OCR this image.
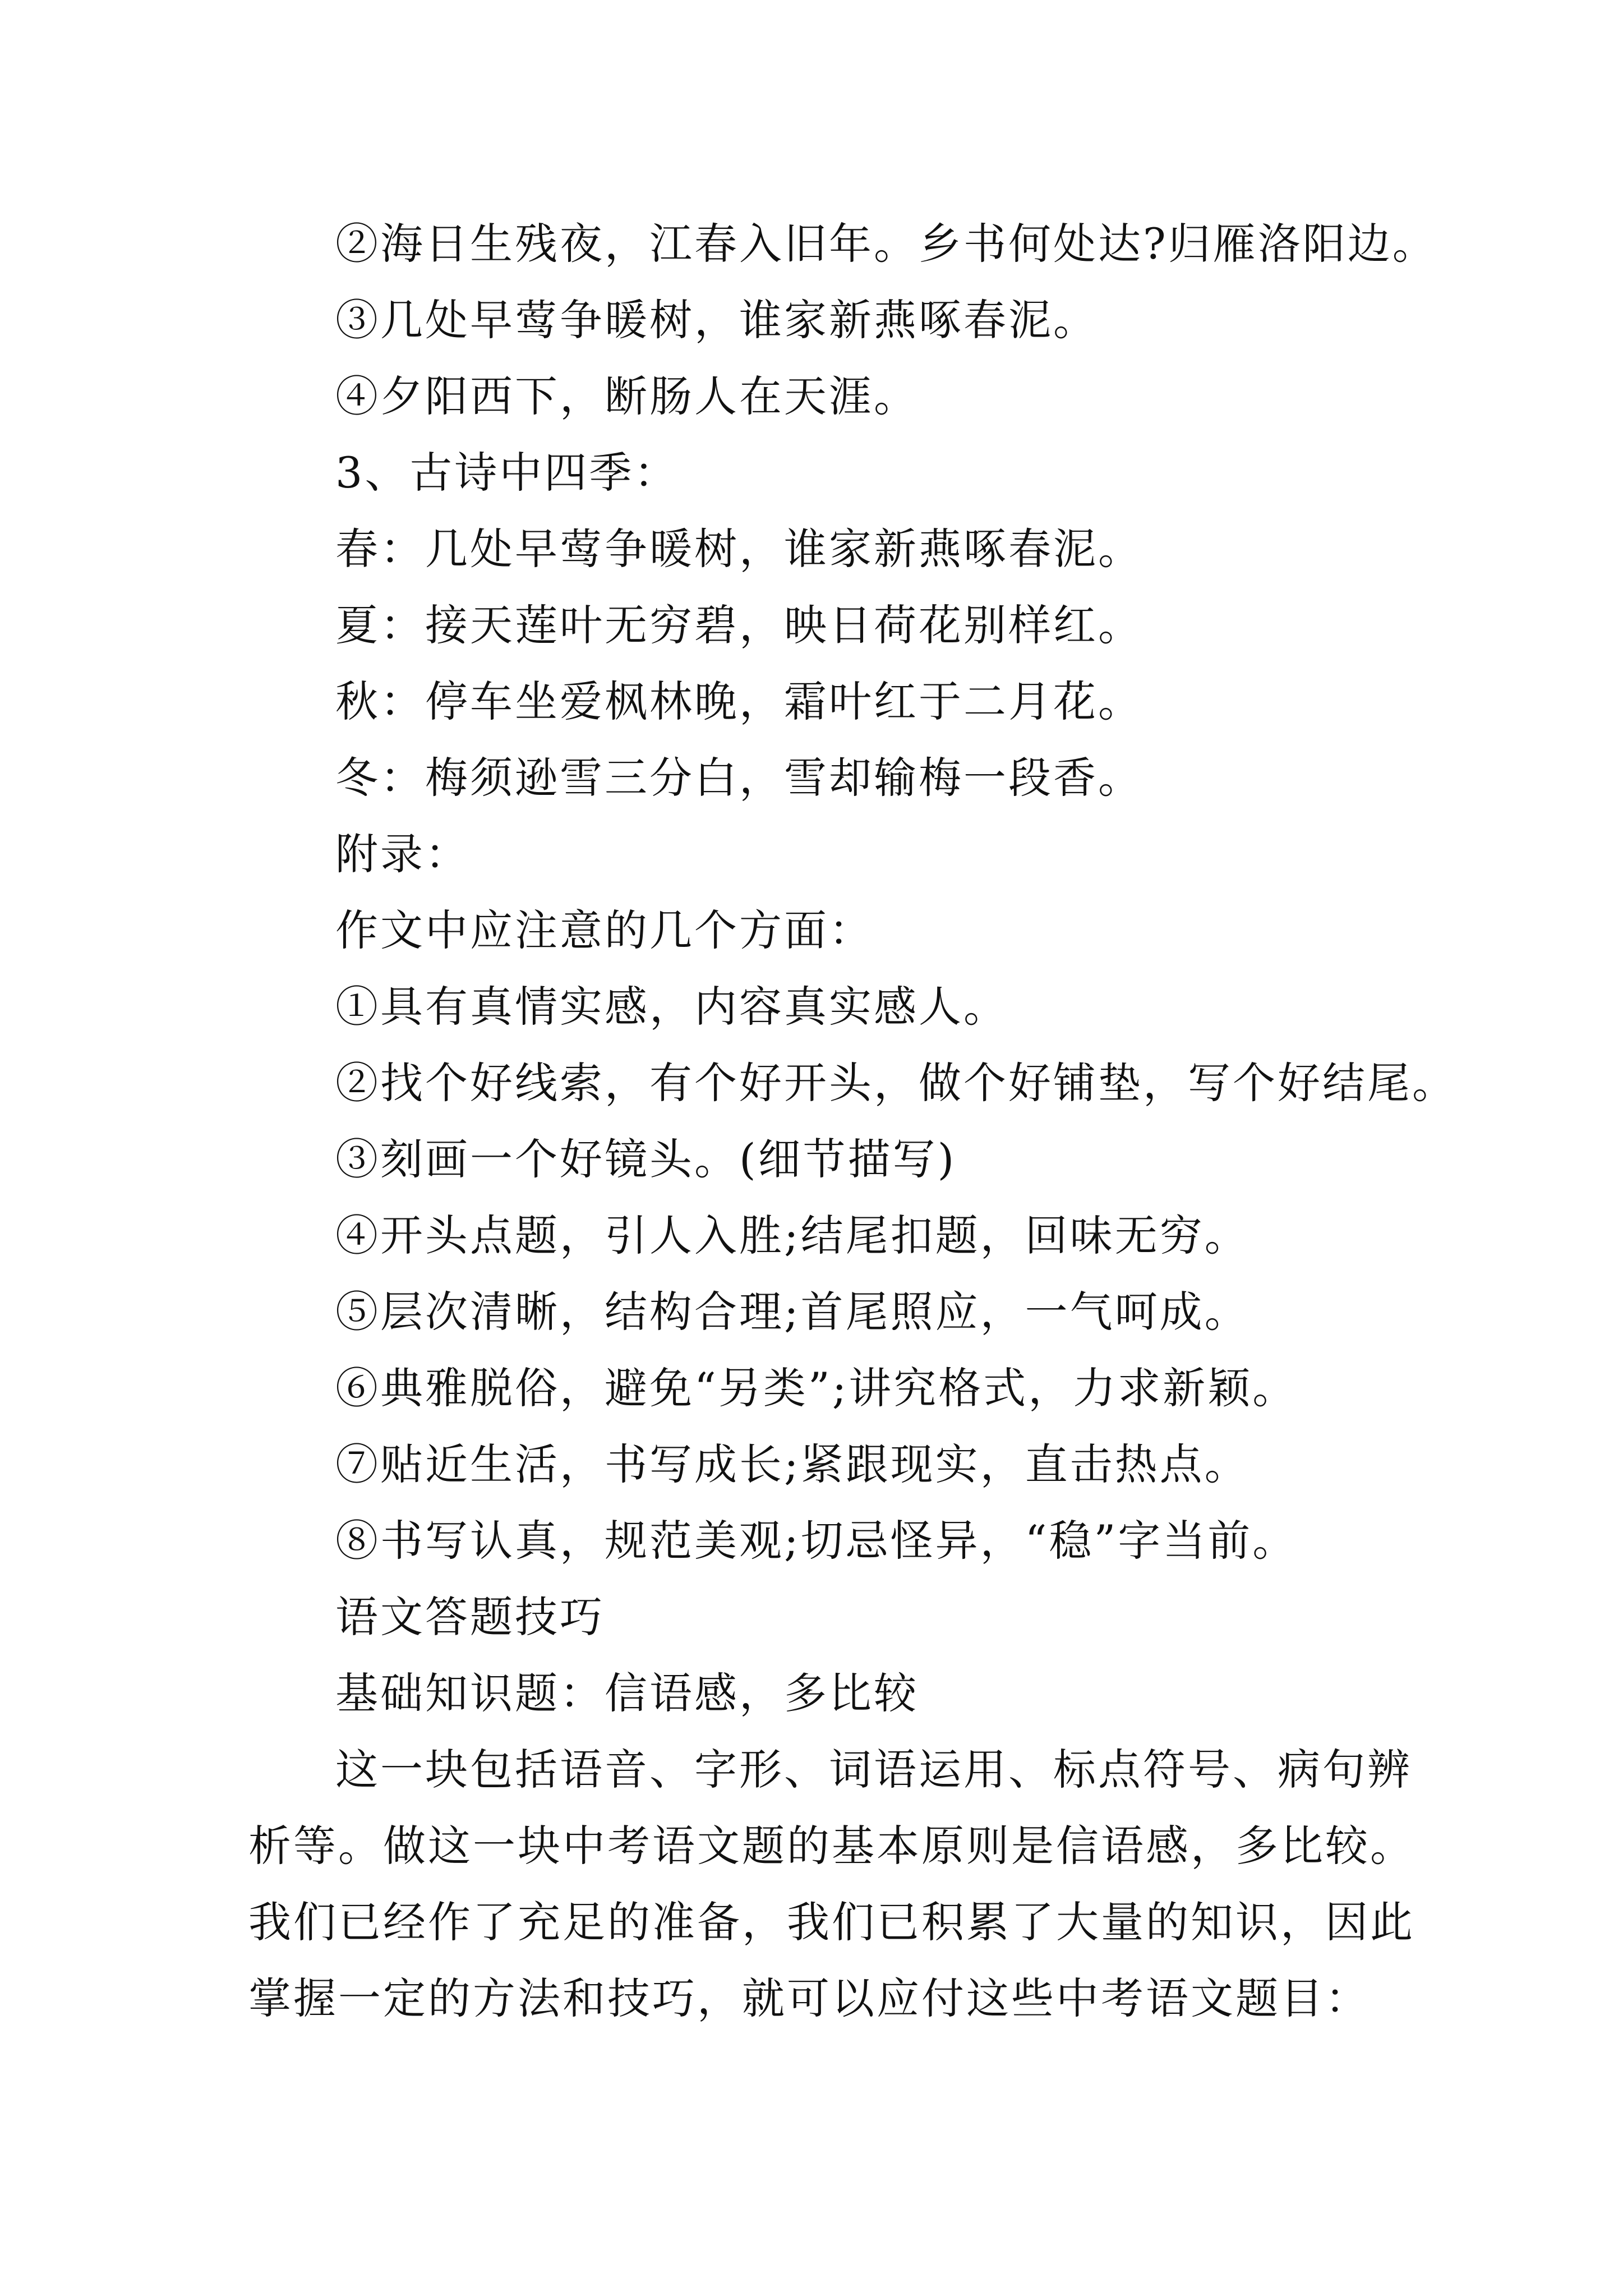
②海日生残夜，江春入旧年。乡书何处达?归雁洛阳边。
③几处早莺争暖树，谁家新燕啄春泥。
④夕阳西下，断肠人在天涯。
3、古诗中四季：
春：几处早莺争暖树，谁家新燕啄春泥。
夏：接天莲叶无穷碧，映日荷花别样红。
秋：停车坐爱枫林晚，霜叶红于二月花。
冬：梅须逊雪三分白，雪却输梅一段香。
附录：
作文中应注意的几个方面：
①具有真情实感，内容真实感人。
②找个好线索，有个好开头，做个好铺垫，写个好结尾。
③刻画一个好镜头。(细节描写)
④开头点题，引人入胜;结尾扣题，回味无穷。
⑤层次清晰，结构合理;首尾照应，一气呵成。
⑥典雅脱俗，避免“另类”;讲究格式，力求新颖。
⑦贴近生活，书写成长;紧跟现实，直击热点。
⑧书写认真，规范美观;切忌怪异，“稳”字当前。
语文答题技巧
基础知识题：信语感，多比较
这一块包括语音、字形、词语运用、标点符号、病句辨
析等。做这一块中考语文题的基本原则是信语感，多比较。
我们已经作了充足的准备，我们已积累了大量的知识，因此
掌握一定的方法和技巧，就可以应付这些中考语文题目：
